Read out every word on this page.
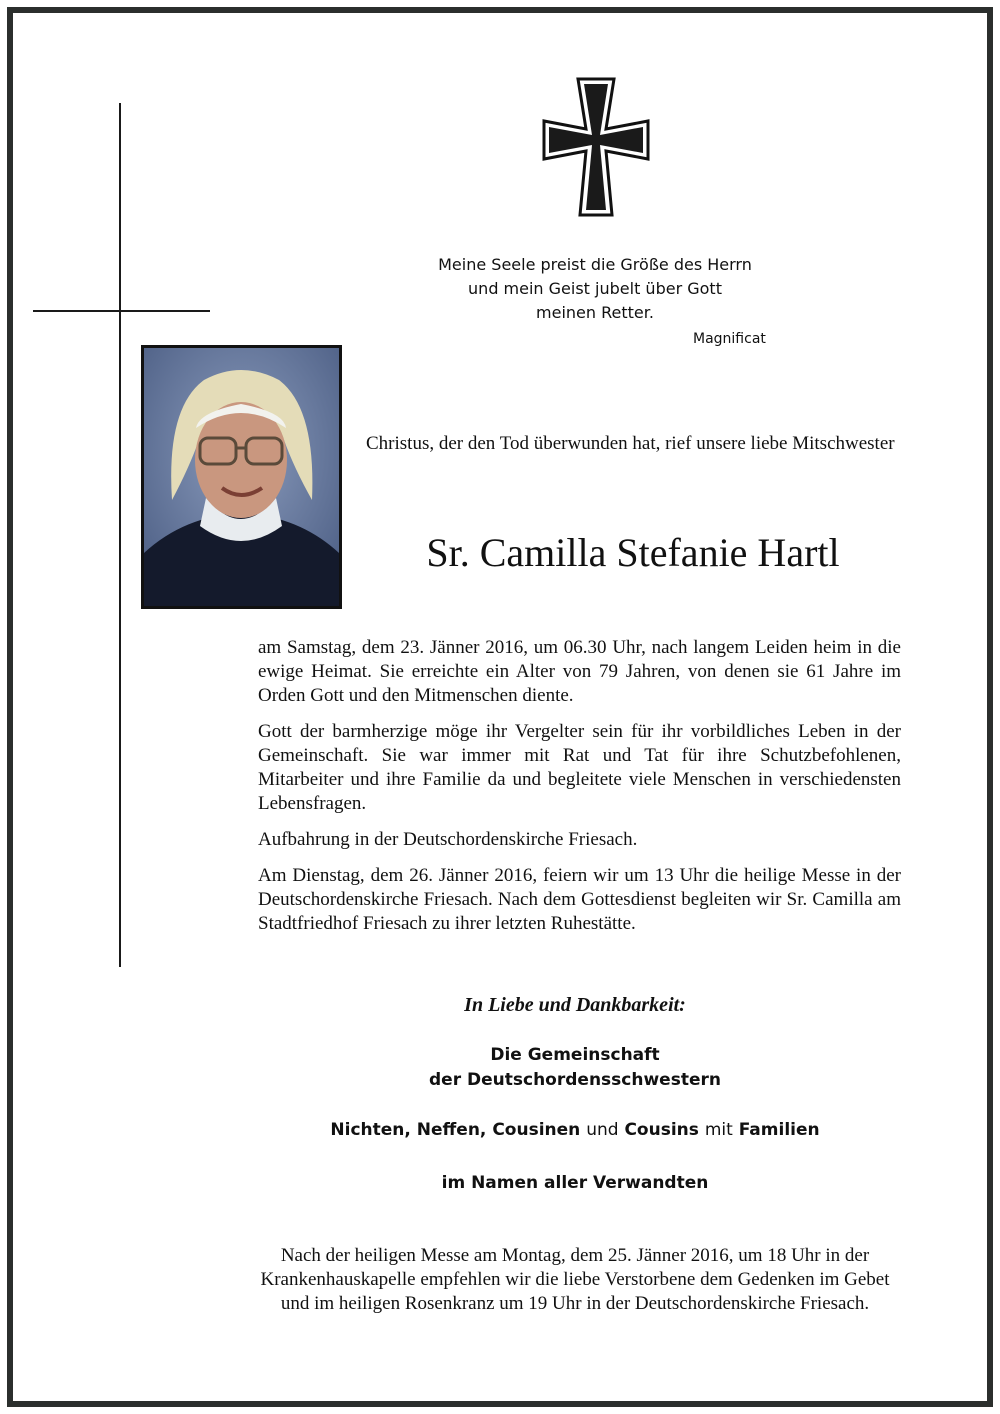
Meine Seele preist die Größe des Herrn
und mein Geist jubelt über Gott
meinen Retter.
Magnificat
Christus, der den Tod überwunden hat, rief unsere liebe Mitschwester
Sr. Camilla Stefanie Hartl

am Samstag, dem 23. Jänner 2016, um 06.30 Uhr, nach langem Leiden heim in die ewige Heimat. Sie erreichte ein Alter von 79 Jahren, von denen sie 61 Jahre im Orden Gott und den Mitmenschen diente.

Gott der barmherzige möge ihr Vergelter sein für ihr vorbildliches Leben in der Gemeinschaft. Sie war immer mit Rat und Tat für ihre Schutzbefohlenen, Mitarbeiter und ihre Familie da und begleitete viele Menschen in verschiedensten Lebensfragen.

Aufbahrung in der Deutschordenskirche Friesach.

Am Dienstag, dem 26. Jänner 2016, feiern wir um 13 Uhr die heilige Messe in der Deutschordenskirche Friesach. Nach dem Gottesdienst begleiten wir Sr. Camilla am Stadtfriedhof Friesach zu ihrer letzten Ruhestätte.

In Liebe und Dankbarkeit:
Die Gemeinschaft
der Deutschordensschwestern
Nichten, Neffen, Cousinen und Cousins mit Familien
im Namen aller Verwandten
Nach der heiligen Messe am Montag, dem 25. Jänner 2016, um 18 Uhr in der
Krankenhauskapelle empfehlen wir die liebe Verstorbene dem Gedenken im Gebet
und im heiligen Rosenkranz um 19 Uhr in der Deutschordenskirche Friesach.
